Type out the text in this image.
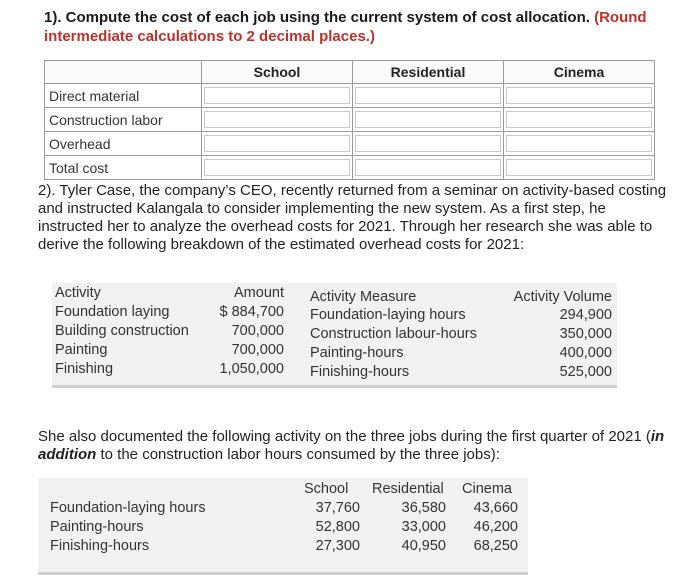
1). Compute the cost of each job using the current system of cost allocation. (Round intermediate calculations to 2 decimal places.)
	School	Residential	Cinema
Direct material	

Construction labor	

Overhead	

Total cost	

2). Tyler Case, the company’s CEO, recently returned from a seminar on activity-based costing and instructed Kalangala to consider implementing the new system. As a first step, he instructed her to analyze the overhead costs for 2021. Through her research she was able to derive the following breakdown of the estimated overhead costs for 2021:
Activity	Amount Activity Measure	Activity Volume
Foundation laying	$ 884,700 Foundation-laying hours	294,900
Building construction	700,000 Construction labour-hours	350,000
Painting	700,000 Painting-hours	400,000
Finishing	1,050,000 Finishing-hours	525,000
She also documented the following activity on the three jobs during the first quarter of 2021 (in addition to the construction labor hours consumed by the three jobs):
School	Residential	Cinema
Foundation-laying hours	37,760	36,580	43,660
Painting-hours	52,800	33,000	46,200
Finishing-hours	27,300	40,950	68,250
